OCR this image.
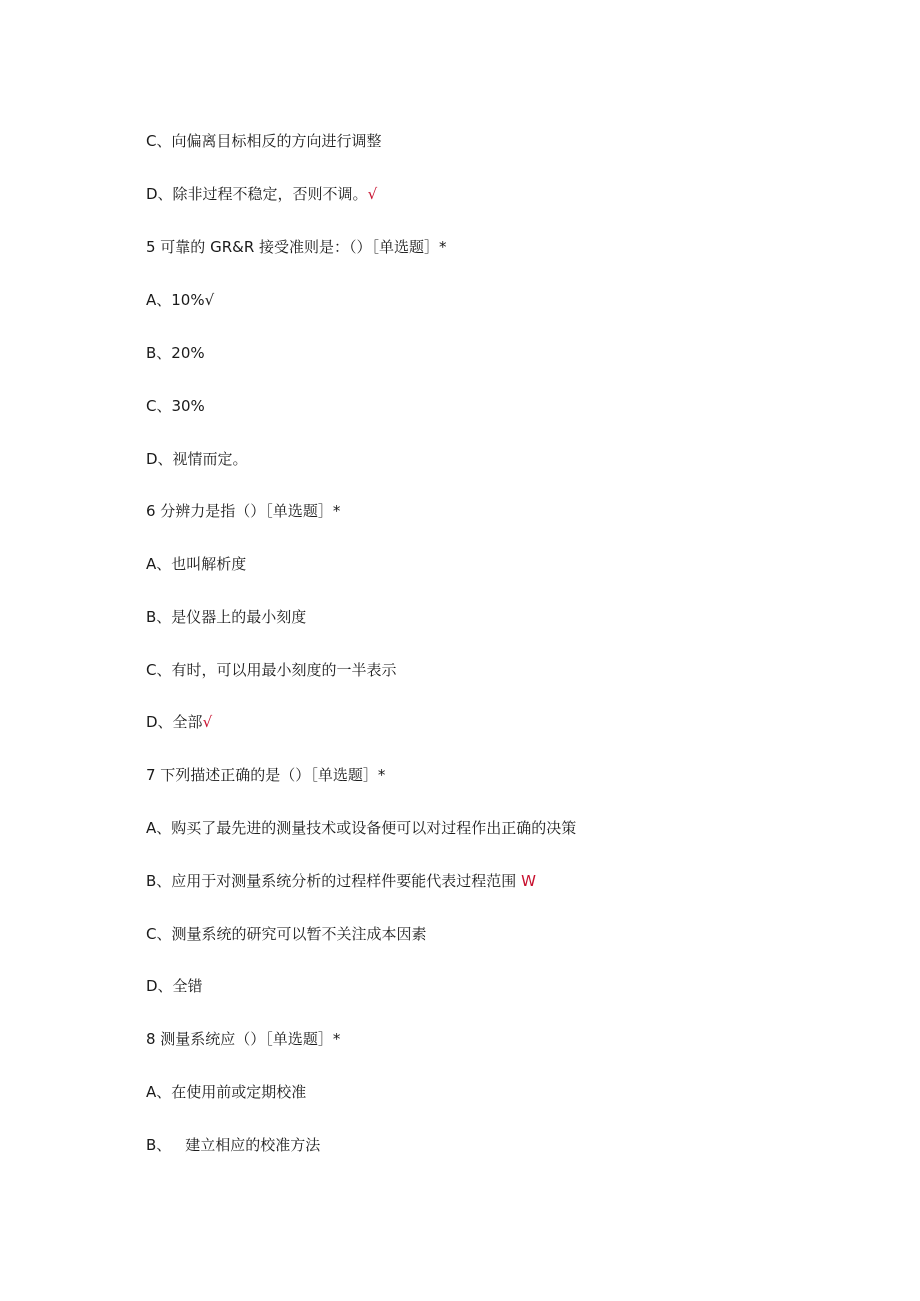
C、向偏离目标相反的方向进行调整
D、除非过程不稳定，否则不调。√
5 可靠的 GR&R 接受准则是：（）［单选题］*
A、10%√
B、20%
C、30%
D、视情而定。
6 分辨力是指（）［单选题］*
A、也叫解析度
B、是仪器上的最小刻度
C、有时，可以用最小刻度的一半表示
D、全部√
7 下列描述正确的是（）［单选题］*
A、购买了最先进的测量技术或设备便可以对过程作出正确的决策
B、应用于对测量系统分析的过程样件要能代表过程范围 W
C、测量系统的研究可以暂不关注成本因素
D、全错
8 测量系统应（）［单选题］*
A、在使用前或定期校准
B、 建立相应的校准方法
